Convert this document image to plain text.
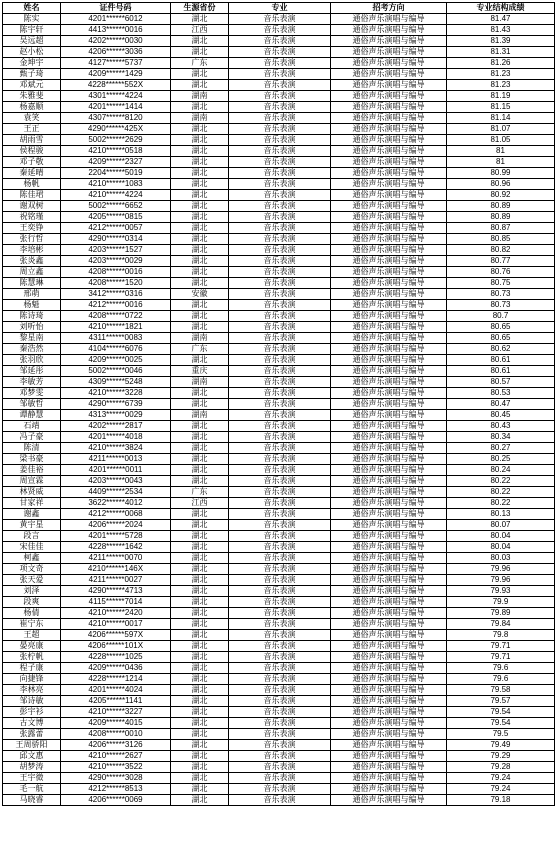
姓名	证件号码	生源省份	专业	招考方向	专业结构成绩
陈实	4201******6012	湖北	音乐表演	通俗声乐演唱与编导	81.47
陈宇轩	4413******0016	江西	音乐表演	通俗声乐演唱与编导	81.43
吴远超	4202******0030	湖北	音乐表演	通俗声乐演唱与编导	81.39
赵小松	4206******3036	湖北	音乐表演	通俗声乐演唱与编导	81.31
金坤宇	4127******5737	广东	音乐表演	通俗声乐演唱与编导	81.26
甄子琦	4209******1429	湖北	音乐表演	通俗声乐演唱与编导	81.23
邓斌元	4228******552X	湖北	音乐表演	通俗声乐演唱与编导	81.23
朱雅斐	4301******4224	湖南	音乐表演	通俗声乐演唱与编导	81.19
杨嘉顺	4201******1414	湖北	音乐表演	通俗声乐演唱与编导	81.15
袁笑	4307******8120	湖南	音乐表演	通俗声乐演唱与编导	81.14
王正	4290******425X	湖北	音乐表演	通俗声乐演唱与编导	81.07
胡雨雪	5002******2629	湖北	音乐表演	通俗声乐演唱与编导	81.05
侯程骏	4210******0518	湖北	音乐表演	通俗声乐演唱与编导	81
邓子敬	4209******2327	湖北	音乐表演	通俗声乐演唱与编导	81
秦延晴	2204******5019	湖北	音乐表演	通俗声乐演唱与编导	80.99
杨帆	4210******1083	湖北	音乐表演	通俗声乐演唱与编导	80.96
陈佳珺	4210******4224	湖北	音乐表演	通俗声乐演唱与编导	80.92
谢双树	5002******6652	湖北	音乐表演	通俗声乐演唱与编导	80.89
祝铭瑾	4205******0815	湖北	音乐表演	通俗声乐演唱与编导	80.89
王奕铮	4212******0057	湖北	音乐表演	通俗声乐演唱与编导	80.87
张行哲	4290******0314	湖北	音乐表演	通俗声乐演唱与编导	80.85
李培彬	4203******1527	湖北	音乐表演	通俗声乐演唱与编导	80.82
张炎鑫	4203******0029	湖北	音乐表演	通俗声乐演唱与编导	80.77
周立鑫	4208******0016	湖北	音乐表演	通俗声乐演唱与编导	80.76
陈慧琳	4208******1520	湖北	音乐表演	通俗声乐演唱与编导	80.75
邢萌	3412******0316	安徽	音乐表演	通俗声乐演唱与编导	80.73
杨魁	4212******0016	湖北	音乐表演	通俗声乐演唱与编导	80.73
陈诗琦	4208******0722	湖北	音乐表演	通俗声乐演唱与编导	80.7
刘听怡	4210******1821	湖北	音乐表演	通俗声乐演唱与编导	80.65
黎星南	4311******0083	湖南	音乐表演	通俗声乐演唱与编导	80.65
秦浩然	4104******6076	广东	音乐表演	通俗声乐演唱与编导	80.62
张羽欣	4209******0025	湖北	音乐表演	通俗声乐演唱与编导	80.61
邹延彤	5002******0046	重庆	音乐表演	通俗声乐演唱与编导	80.61
李敏芳	4309******5248	湖南	音乐表演	通俗声乐演唱与编导	80.57
邓梦雯	4210******3228	湖北	音乐表演	通俗声乐演唱与编导	80.53
邹敏哲	4290******6739	湖北	音乐表演	通俗声乐演唱与编导	80.47
谭静慧	4313******0029	湖南	音乐表演	通俗声乐演唱与编导	80.45
石靖	4202******2817	湖北	音乐表演	通俗声乐演唱与编导	80.43
冯子豪	4201******4018	湖北	音乐表演	通俗声乐演唱与编导	80.34
陈清	4210******3824	湖北	音乐表演	通俗声乐演唱与编导	80.27
梁书豪	4211******0013	湖北	音乐表演	通俗声乐演唱与编导	80.25
姜佳裕	4201******0011	湖北	音乐表演	通俗声乐演唱与编导	80.24
周宣霖	4203******0043	湖北	音乐表演	通俗声乐演唱与编导	80.22
林贤威	4409******2534	广东	音乐表演	通俗声乐演唱与编导	80.22
甘家祥	3622******4012	江西	音乐表演	通俗声乐演唱与编导	80.22
谢鑫	4212******0068	湖北	音乐表演	通俗声乐演唱与编导	80.13
黄宇星	4206******2024	湖北	音乐表演	通俗声乐演唱与编导	80.07
段言	4201******5728	湖北	音乐表演	通俗声乐演唱与编导	80.04
宋佳佳	4228******1642	湖北	音乐表演	通俗声乐演唱与编导	80.04
柯鑫	4211******0070	湖北	音乐表演	通俗声乐演唱与编导	80.03
项文奇	4210******146X	湖北	音乐表演	通俗声乐演唱与编导	79.96
张天爱	4211******0027	湖北	音乐表演	通俗声乐演唱与编导	79.96
刘泽	4290******4713	湖北	音乐表演	通俗声乐演唱与编导	79.93
段爽	4115******7014	湖北	音乐表演	通俗声乐演唱与编导	79.9
杨倩	4210******2420	湖北	音乐表演	通俗声乐演唱与编导	79.89
崔宁东	4210******0017	湖北	音乐表演	通俗声乐演唱与编导	79.84
王超	4206******597X	湖北	音乐表演	通俗声乐演唱与编导	79.8
晏亮康	4206******101X	湖北	音乐表演	通俗声乐演唱与编导	79.71
张柠帆	4228******1025	湖北	音乐表演	通俗声乐演唱与编导	79.71
程子康	4209******0436	湖北	音乐表演	通俗声乐演唱与编导	79.6
向捷锋	4228******1214	湖北	音乐表演	通俗声乐演唱与编导	79.6
李林亮	4201******4024	湖北	音乐表演	通俗声乐演唱与编导	79.58
邹诗敏	4205******1141	湖北	音乐表演	通俗声乐演唱与编导	79.57
彭宇衫	4210******3227	湖北	音乐表演	通俗声乐演唱与编导	79.54
古文博	4209******4015	湖北	音乐表演	通俗声乐演唱与编导	79.54
张露蕾	4208******0010	湖北	音乐表演	通俗声乐演唱与编导	79.5
王周骄阳	4206******3126	湖北	音乐表演	通俗声乐演唱与编导	79.49
邱文惠	4210******2627	湖北	音乐表演	通俗声乐演唱与编导	79.29
胡梦涛	4210******3522	湖北	音乐表演	通俗声乐演唱与编导	79.28
王宇微	4290******3028	湖北	音乐表演	通俗声乐演唱与编导	79.24
毛一航	4212******8513	湖北	音乐表演	通俗声乐演唱与编导	79.24
马晓睿	4206******0069	湖北	音乐表演	通俗声乐演唱与编导	79.18
